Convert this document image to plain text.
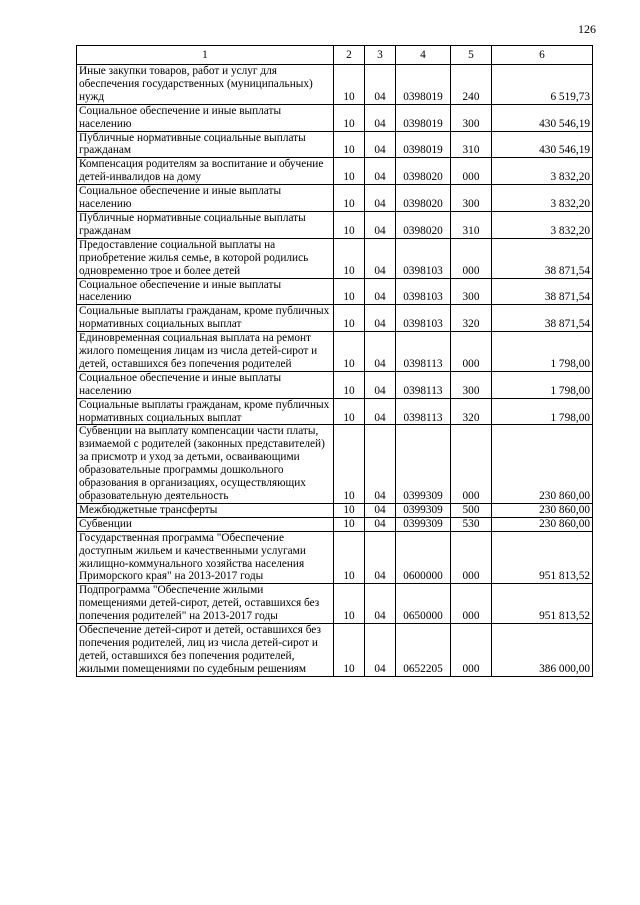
126
1	2	3	4	5	6
Иные закупки товаров, работ и услуг для обеспечения государственных (муниципальных) нужд	10	04	0398019	240	6 519,73
Социальное обеспечение и иные выплаты населению	10	04	0398019	300	430 546,19
Публичные нормативные социальные выплаты гражданам	10	04	0398019	310	430 546,19
Компенсация родителям за воспитание и обучение детей-инвалидов на дому	10	04	0398020	000	3 832,20
Социальное обеспечение и иные выплаты населению	10	04	0398020	300	3 832,20
Публичные нормативные социальные выплаты гражданам	10	04	0398020	310	3 832,20
Предоставление социальной выплаты на приобретение жилья семье, в которой родились одновременно трое и более детей	10	04	0398103	000	38 871,54
Социальное обеспечение и иные выплаты населению	10	04	0398103	300	38 871,54
Социальные выплаты гражданам, кроме публичных нормативных социальных выплат	10	04	0398103	320	38 871,54
Единовременная социальная выплата на ремонт жилого помещения лицам из числа детей-сирот и детей, оставшихся без попечения родителей	10	04	0398113	000	1 798,00
Социальное обеспечение и иные выплаты населению	10	04	0398113	300	1 798,00
Социальные выплаты гражданам, кроме публичных нормативных социальных выплат	10	04	0398113	320	1 798,00
Субвенции на выплату компенсации части платы, взимаемой с родителей (законных представителей) за присмотр и уход за детьми, осваивающими образовательные программы дошкольного образования в организациях, осуществляющих образовательную деятельность	10	04	0399309	000	230 860,00
Межбюджетные трансферты	10	04	0399309	500	230 860,00
Субвенции	10	04	0399309	530	230 860,00
Государственная программа "Обеспечение доступным жильем и качественными услугами жилищно-коммунального хозяйства населения Приморского края" на 2013-2017 годы	10	04	0600000	000	951 813,52
Подпрограмма "Обеспечение жилыми помещениями детей-сирот, детей, оставшихся без попечения родителей" на 2013-2017 годы	10	04	0650000	000	951 813,52
Обеспечение детей-сирот и детей, оставшихся без попечения родителей, лиц из числа детей-сирот и детей, оставшихся без попечения родителей, жилыми помещениями по судебным решениям	10	04	0652205	000	386 000,00
